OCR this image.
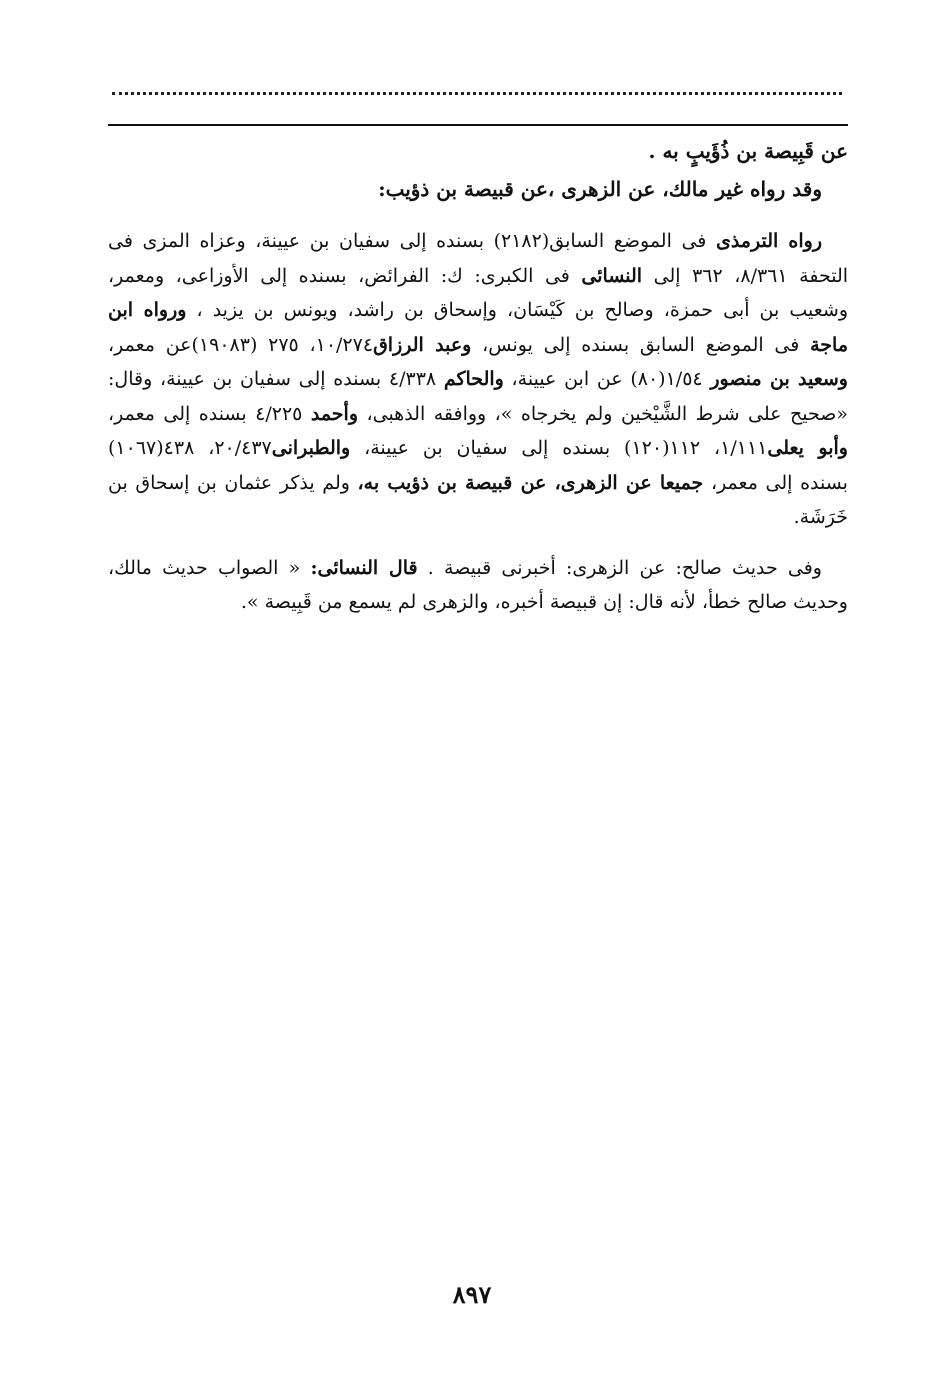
عن قَبِيصة بن ذُؤَيبٍ به .
وقد رواه غير مالك، عن الزهرى ،عن قبيصة بن ذؤيب:
رواه الترمذى فى الموضع السابق(٢١٨٢) بسنده إلى سفيان بن عيينة، وعزاه المزى فى
التحفة ٨/٣٦١، ٣٦٢ إلى النسائى فى الكبرى: ك: الفرائض، بسنده إلى الأوزاعى، ومعمر،
وشعيب بن أبى حمزة، وصالح بن كَيْسَان، وإسحاق بن راشد، ويونس بن يزيد ، ورواه ابن
ماجة فى الموضع السابق بسنده إلى يونس، وعبد الرزاق١٠/٢٧٤، ٢٧٥ (١٩٠٨٣)عن معمر،
وسعيد بن منصور ١/٥٤(٨٠) عن ابن عيينة، والحاكم ٤/٣٣٨ بسنده إلى سفيان بن عيينة، وقال:
«صحيح على شرط الشَّيْخين ولم يخرجاه »، ووافقه الذهبى، وأحمد ٤/٢٢٥ بسنده إلى معمر،
وأبو يعلى١/١١١، ١١٢(١٢٠) بسنده إلى سفيان بن عيينة، والطبرانى٢٠/٤٣٧، ٤٣٨(١٠٦٧)
بسنده إلى معمر، جميعا عن الزهرى، عن قبيصة بن ذؤيب به، ولم يذكر عثمان بن إسحاق بن
خَرَشَة.
وفى حديث صالح: عن الزهرى: أخبرنى قبيصة . قال النسائى: « الصواب حديث مالك،
وحديث صالح خطأ، لأنه قال: إن قبيصة أخبره، والزهرى لم يسمع من قَبِيصة ».
٨٩٧
